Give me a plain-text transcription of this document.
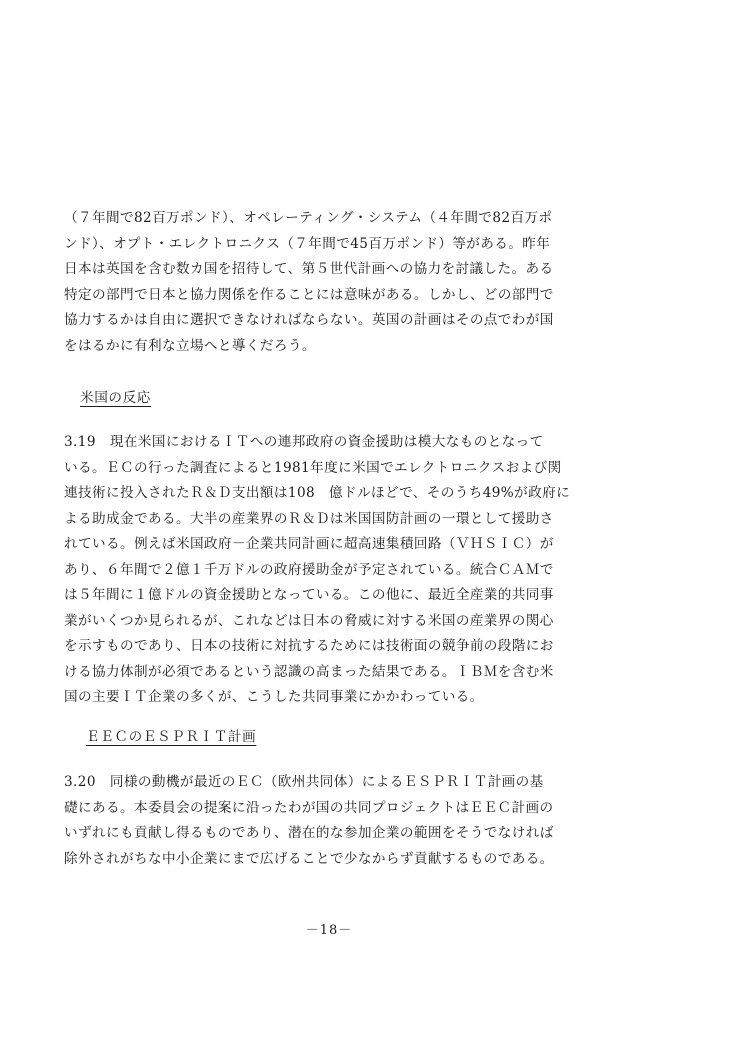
（７年間で82百万ポンド）、オペレーティング・システム（４年間で82百万ポ
ンド）、オプト・エレクトロニクス（７年間で45百万ポンド）等がある。昨年
日本は英国を含む数カ国を招待して、第５世代計画への協力を討議した。ある
特定の部門で日本と協力関係を作ることには意味がある。しかし、どの部門で
協力するかは自由に選択できなければならない。英国の計画はその点でわが国
をはるかに有利な立場へと導くだろう。
米国の反応
3.19　現在米国におけるＩＴへの連邦政府の資金援助は模大なものとなって
いる。ＥＣの行った調査によると1981年度に米国でエレクトロニクスおよび関
連技術に投入されたＲ＆Ｄ支出額は108　億ドルほどで、そのうち49%が政府に
よる助成金である。大半の産業界のＲ＆Ｄは米国国防計画の一環として援助さ
れている。例えば米国政府－企業共同計画に超高速集積回路（ＶＨＳＩＣ）が
あり、６年間で２億１千万ドルの政府援助金が予定されている。統合ＣＡＭで
は５年間に１億ドルの資金援助となっている。この他に、最近全産業的共同事
業がいくつか見られるが、これなどは日本の脅威に対する米国の産業界の関心
を示すものであり、日本の技術に対抗するためには技術面の競争前の段階にお
ける協力体制が必須であるという認識の高まった結果である。ＩＢＭを含む米
国の主要ＩＴ企業の多くが、こうした共同事業にかかわっている。
ＥＥＣのＥＳＰＲＩＴ計画
3.20　同様の動機が最近のＥＣ（欧州共同体）によるＥＳＰＲＩＴ計画の基
礎にある。本委員会の提案に沿ったわが国の共同プロジェクトはＥＥＣ計画の
いずれにも貢献し得るものであり、潜在的な参加企業の範囲をそうでなければ
除外されがちな中小企業にまで広げることで少なからず貢献するものである。
－18－
